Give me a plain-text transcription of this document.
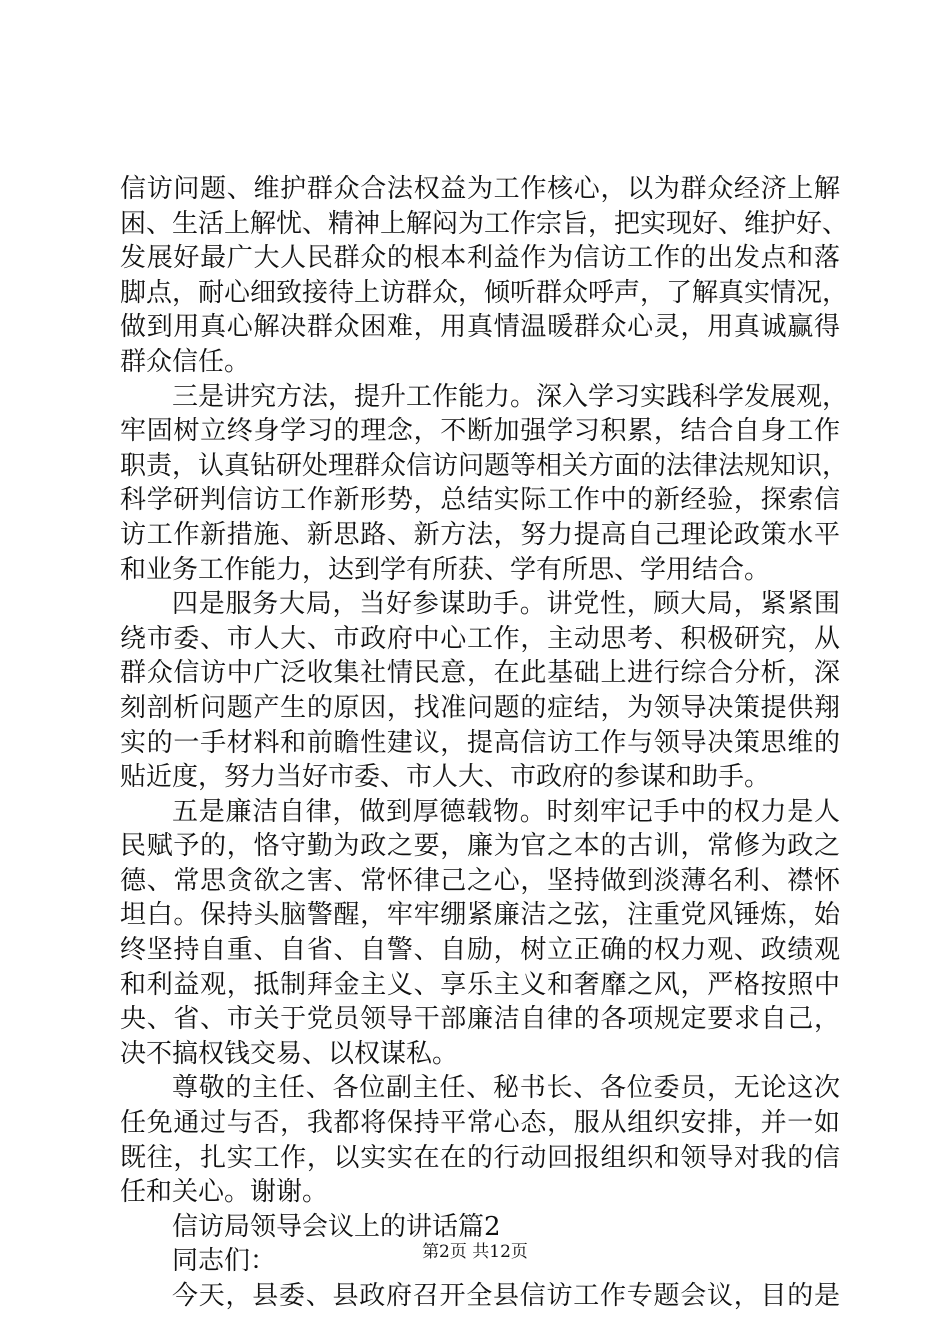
信访问题、维护群众合法权益为工作核心，以为群众经济上解
困、生活上解忧、精神上解闷为工作宗旨，把实现好、维护好、
发展好最广大人民群众的根本利益作为信访工作的出发点和落
脚点，耐心细致接待上访群众，倾听群众呼声，了解真实情况，
做到用真心解决群众困难，用真情温暖群众心灵，用真诚赢得
群众信任。
三是讲究方法，提升工作能力。深入学习实践科学发展观，
牢固树立终身学习的理念，不断加强学习积累，结合自身工作
职责，认真钻研处理群众信访问题等相关方面的法律法规知识，
科学研判信访工作新形势，总结实际工作中的新经验，探索信
访工作新措施、新思路、新方法，努力提高自己理论政策水平
和业务工作能力，达到学有所获、学有所思、学用结合。
四是服务大局，当好参谋助手。讲党性，顾大局，紧紧围
绕市委、市人大、市政府中心工作，主动思考、积极研究，从
群众信访中广泛收集社情民意，在此基础上进行综合分析，深
刻剖析问题产生的原因，找准问题的症结，为领导决策提供翔
实的一手材料和前瞻性建议，提高信访工作与领导决策思维的
贴近度，努力当好市委、市人大、市政府的参谋和助手。
五是廉洁自律，做到厚德载物。时刻牢记手中的权力是人
民赋予的，恪守勤为政之要，廉为官之本的古训，常修为政之
德、常思贪欲之害、常怀律己之心，坚持做到淡薄名利、襟怀
坦白。保持头脑警醒，牢牢绷紧廉洁之弦，注重党风锤炼，始
终坚持自重、自省、自警、自励，树立正确的权力观、政绩观
和利益观，抵制拜金主义、享乐主义和奢靡之风，严格按照中
央、省、市关于党员领导干部廉洁自律的各项规定要求自己，
决不搞权钱交易、以权谋私。
尊敬的主任、各位副主任、秘书长、各位委员，无论这次
任免通过与否，我都将保持平常心态，服从组织安排，并一如
既往，扎实工作，以实实在在的行动回报组织和领导对我的信
任和关心。谢谢。
信访局领导会议上的讲话篇2
同志们：
今天，县委、县政府召开全县信访工作专题会议，目的是
第2页 共12页
